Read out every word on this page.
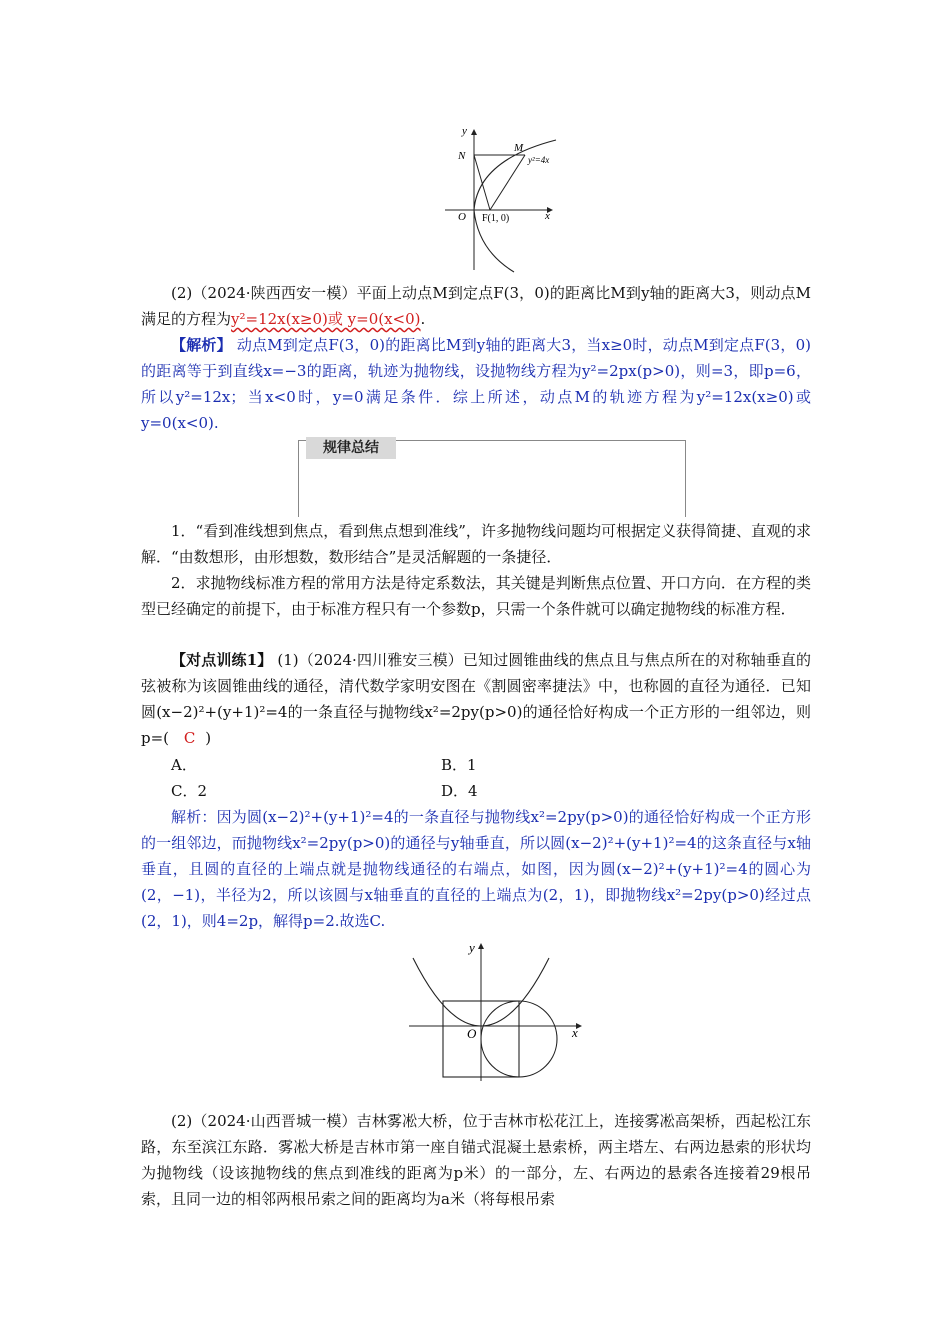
y
x
N
M
O F(1, 0)
y²=4x

(2)（2024·陕西西安一模）平面上动点M到定点F(3，0)的距离比M到y轴的距离大3，则动点M满足的方程为y²=12x(x≥0)或 y=0(x<0).

【解析】 动点M到定点F(3，0)的距离比M到y轴的距离大3，当x≥0时，动点M到定点F(3，0)的距离等于到直线x=−3的距离，轨迹为抛物线，设抛物线方程为y²=2px(p>0)，则=3，即p=6，所以y²=12x；当x<0时，y=0满足条件．综上所述，动点M的轨迹方程为y²=12x(x≥0)或y=0(x<0).

规律总结

1．“看到准线想到焦点，看到焦点想到准线”，许多抛物线问题均可根据定义获得简捷、直观的求解．“由数想形，由形想数，数形结合”是灵活解题的一条捷径．

2．求抛物线标准方程的常用方法是待定系数法，其关键是判断焦点位置、开口方向．在方程的类型已经确定的前提下，由于标准方程只有一个参数p，只需一个条件就可以确定抛物线的标准方程．

【对点训练1】 (1)（2024·四川雅安三模）已知过圆锥曲线的焦点且与焦点所在的对称轴垂直的弦被称为该圆锥曲线的通径，清代数学家明安图在《割圆密率捷法》中，也称圆的直径为通径．已知圆(x−2)²+(y+1)²=4的一条直径与抛物线x²=2py(p>0)的通径恰好构成一个正方形的一组邻边，则p=( C )

A．	B．1
C．2	D．4

解析：因为圆(x−2)²+(y+1)²=4的一条直径与抛物线x²=2py(p>0)的通径恰好构成一个正方形的一组邻边，而抛物线x²=2py(p>0)的通径与y轴垂直，所以圆(x−2)²+(y+1)²=4的这条直径与x轴垂直，且圆的直径的上端点就是抛物线通径的右端点，如图，因为圆(x−2)²+(y+1)²=4的圆心为(2，−1)，半径为2，所以该圆与x轴垂直的直径的上端点为(2，1)，即抛物线x²=2py(p>0)经过点(2，1)，则4=2p，解得p=2.故选C.

y
x
O

(2)（2024·山西晋城一模）吉林雾凇大桥，位于吉林市松花江上，连接雾凇高架桥，西起松江东路，东至滨江东路．雾凇大桥是吉林市第一座自锚式混凝土悬索桥，两主塔左、右两边悬索的形状均为抛物线（设该抛物线的焦点到准线的距离为p米）的一部分，左、右两边的悬索各连接着29根吊索，且同一边的相邻两根吊索之间的距离均为a米（将每根吊索
